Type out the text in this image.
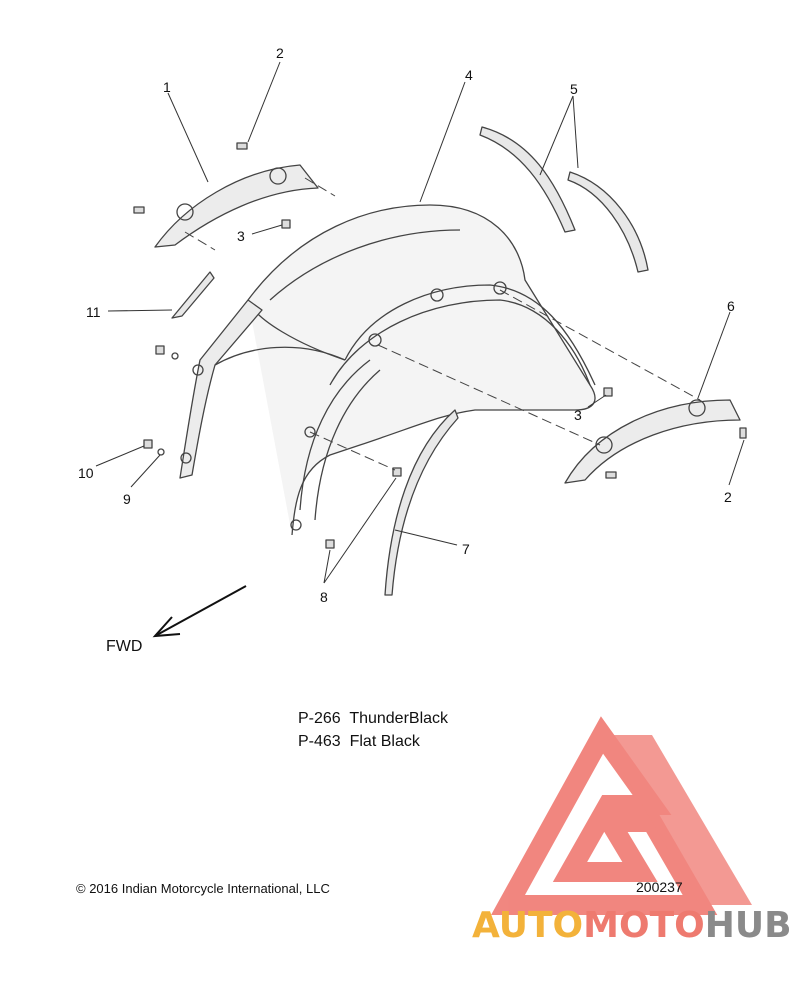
1
2
3
4
5
6
3
2
11
10
9
7
8
FWD
P-266 ThunderBlack
P-463 Flat Black
© 2016 Indian Motorcycle International, LLC	200237
AUTOMOTOHUB
